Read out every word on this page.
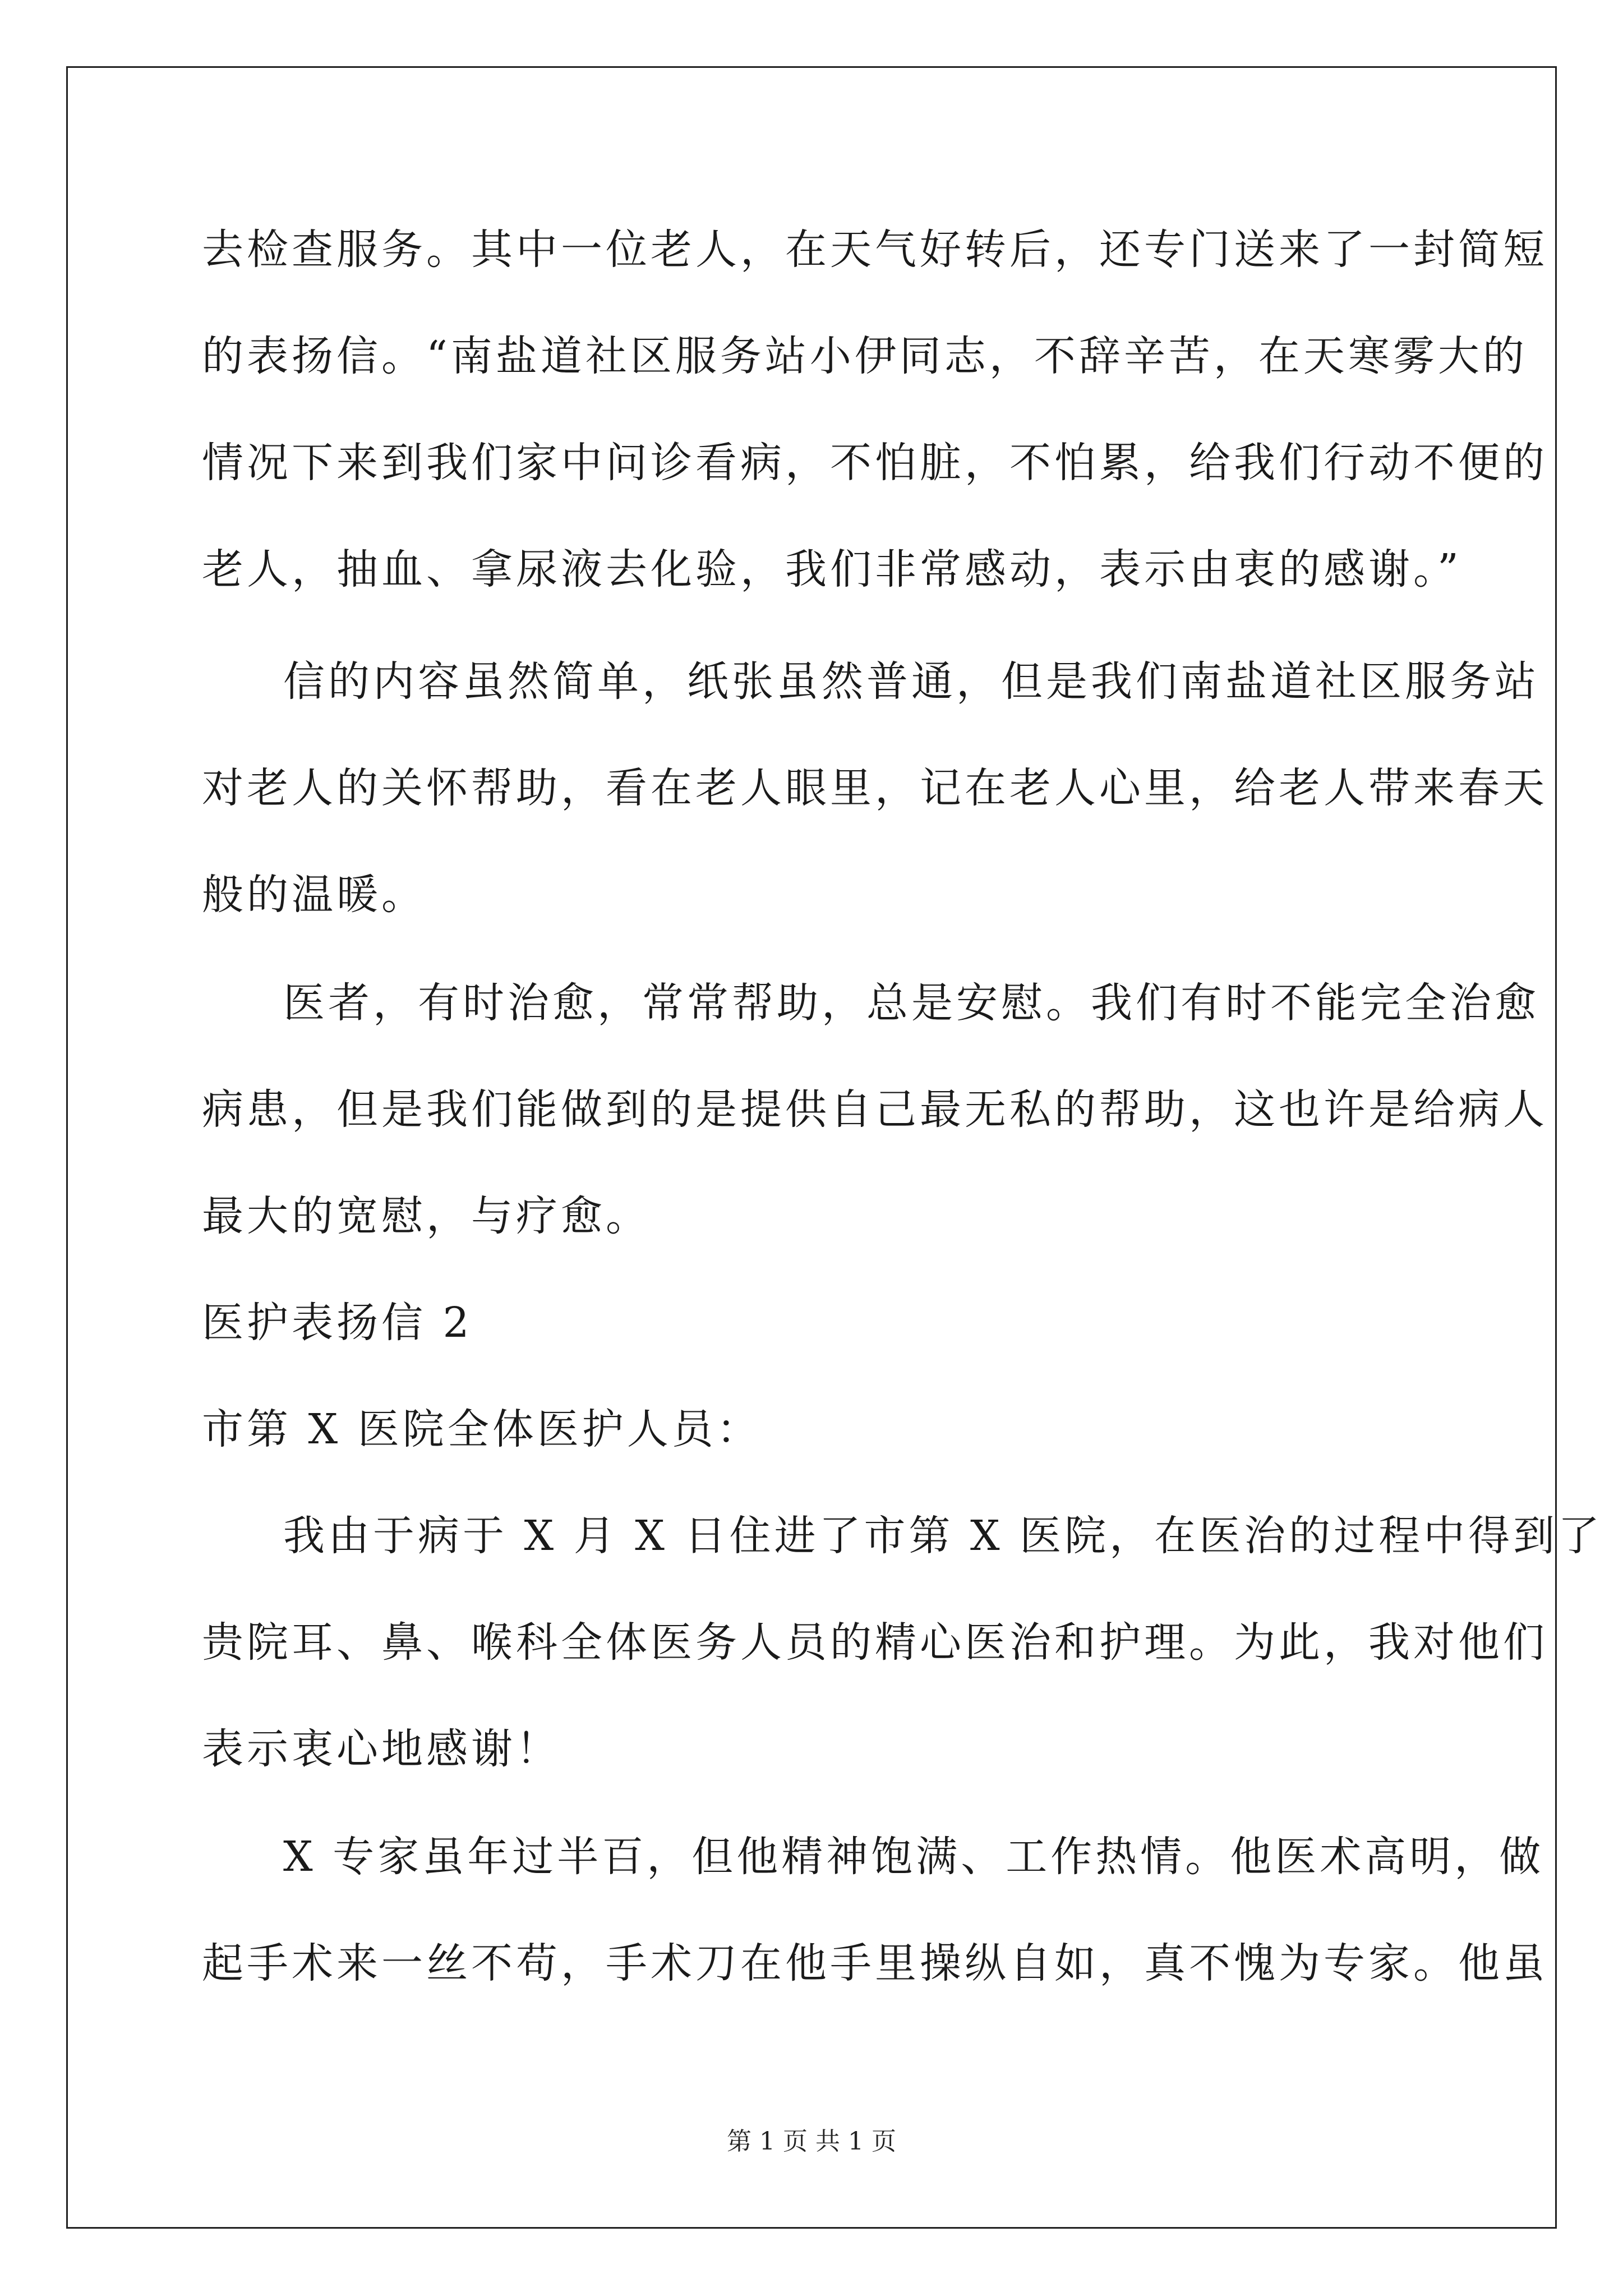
去检查服务。其中一位老人，在天气好转后，还专门送来了一封简短
的表扬信。“南盐道社区服务站小伊同志，不辞辛苦，在天寒雾大的
情况下来到我们家中问诊看病，不怕脏，不怕累，给我们行动不便的
老人，抽血、拿尿液去化验，我们非常感动，表示由衷的感谢。”
信的内容虽然简单，纸张虽然普通，但是我们南盐道社区服务站
对老人的关怀帮助，看在老人眼里，记在老人心里，给老人带来春天
般的温暖。
医者，有时治愈，常常帮助，总是安慰。我们有时不能完全治愈
病患，但是我们能做到的是提供自己最无私的帮助，这也许是给病人
最大的宽慰，与疗愈。
医护表扬信 2
市第 X 医院全体医护人员：
我由于病于 X 月 X 日住进了市第 X 医院，在医治的过程中得到了
贵院耳、鼻、喉科全体医务人员的精心医治和护理。为此，我对他们
表示衷心地感谢！
X 专家虽年过半百，但他精神饱满、工作热情。他医术高明，做
起手术来一丝不苟，手术刀在他手里操纵自如，真不愧为专家。他虽
第 1 页 共 1 页
